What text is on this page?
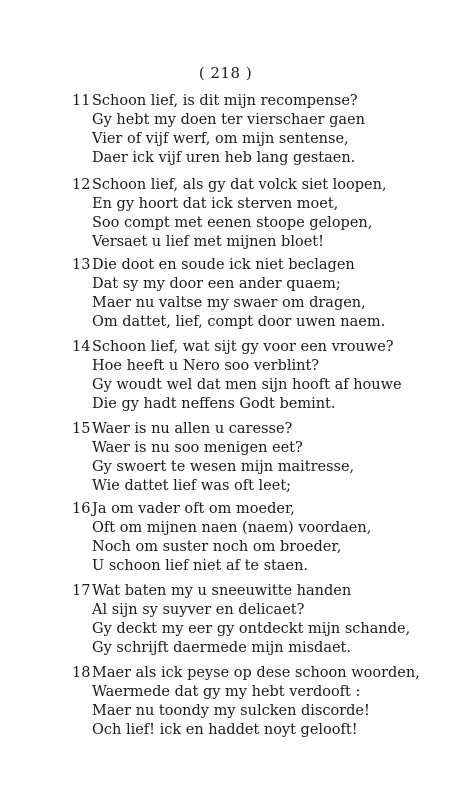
( 218 )
11 Schoon lief, is dit mijn recompense?
Gy hebt my doen ter vierschaer gaen
Vier of vijf werf, om mijn sentense,
Daer ick vijf uren heb lang gestaen.
12 Schoon lief, als gy dat volck siet loopen,
En gy hoort dat ick sterven moet,
Soo compt met eenen stoope gelopen,
Versaet u lief met mijnen bloet!
13 Die doot en soude ick niet beclagen
Dat sy my door een ander quaem;
Maer nu valtse my swaer om dragen,
Om dattet, lief, compt door uwen naem.
14 Schoon lief, wat sijt gy voor een vrouwe?
Hoe heeft u Nero soo verblint?
Gy woudt wel dat men sijn hooft af houwe
Die gy hadt neffens Godt bemint.
15 Waer is nu allen u caresse?
Waer is nu soo menigen eet?
Gy swoert te wesen mijn maitresse,
Wie dattet lief was oft leet;
16 Ja om vader oft om moeder,
Oft om mijnen naen (naem) voordaen,
Noch om suster noch om broeder,
U schoon lief niet af te staen.
17 Wat baten my u sneeuwitte handen
Al sijn sy suyver en delicaet?
Gy deckt my eer gy ontdeckt mijn schande,
Gy schrijft daermede mijn misdaet.
18 Maer als ick peyse op dese schoon woorden,
Waermede dat gy my hebt verdooft :
Maer nu toondy my sulcken discorde!
Och lief! ick en haddet noyt gelooft!
